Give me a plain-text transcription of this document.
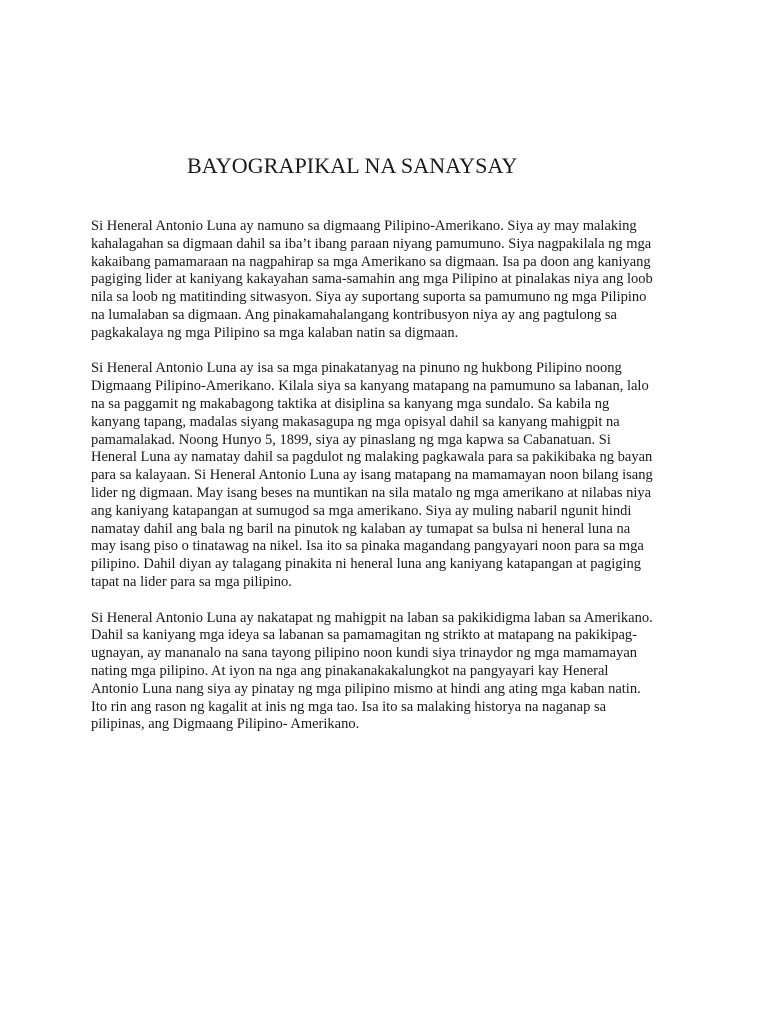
BAYOGRAPIKAL NA SANAYSAY

Si Heneral Antonio Luna ay namuno sa digmaang Pilipino-Amerikano. Siya ay may malaking
kahalagahan sa digmaan dahil sa iba’t ibang paraan niyang pamumuno. Siya nagpakilala ng mga
kakaibang pamamaraan na nagpahirap sa mga Amerikano sa digmaan. Isa pa doon ang kaniyang
pagiging lider at kaniyang kakayahan sama-samahin ang mga Pilipino at pinalakas niya ang loob
nila sa loob ng matitinding sitwasyon. Siya ay suportang suporta sa pamumuno ng mga Pilipino
na lumalaban sa digmaan. Ang pinakamahalangang kontribusyon niya ay ang pagtulong sa
pagkakalaya ng mga Pilipino sa mga kalaban natin sa digmaan.

Si Heneral Antonio Luna ay isa sa mga pinakatanyag na pinuno ng hukbong Pilipino noong
Digmaang Pilipino-Amerikano. Kilala siya sa kanyang matapang na pamumuno sa labanan, lalo
na sa paggamit ng makabagong taktika at disiplina sa kanyang mga sundalo. Sa kabila ng
kanyang tapang, madalas siyang makasagupa ng mga opisyal dahil sa kanyang mahigpit na
pamamalakad. Noong Hunyo 5, 1899, siya ay pinaslang ng mga kapwa sa Cabanatuan. Si
Heneral Luna ay namatay dahil sa pagdulot ng malaking pagkawala para sa pakikibaka ng bayan
para sa kalayaan. Si Heneral Antonio Luna ay isang matapang na mamamayan noon bilang isang
lider ng digmaan. May isang beses na muntikan na sila matalo ng mga amerikano at nilabas niya
ang kaniyang katapangan at sumugod sa mga amerikano. Siya ay muling nabaril ngunit hindi
namatay dahil ang bala ng baril na pinutok ng kalaban ay tumapat sa bulsa ni heneral luna na
may isang piso o tinatawag na nikel. Isa ito sa pinaka magandang pangyayari noon para sa mga
pilipino. Dahil diyan ay talagang pinakita ni heneral luna ang kaniyang katapangan at pagiging
tapat na lider para sa mga pilipino.

Si Heneral Antonio Luna ay nakatapat ng mahigpit na laban sa pakikidigma laban sa Amerikano.
Dahil sa kaniyang mga ideya sa labanan sa pamamagitan ng strikto at matapang na pakikipag-
ugnayan, ay mananalo na sana tayong pilipino noon kundi siya trinaydor ng mga mamamayan
nating mga pilipino. At iyon na nga ang pinakanakakalungkot na pangyayari kay Heneral
Antonio Luna nang siya ay pinatay ng mga pilipino mismo at hindi ang ating mga kaban natin.
Ito rin ang rason ng kagalit at inis ng mga tao. Isa ito sa malaking historya na naganap sa
pilipinas, ang Digmaang Pilipino- Amerikano.
